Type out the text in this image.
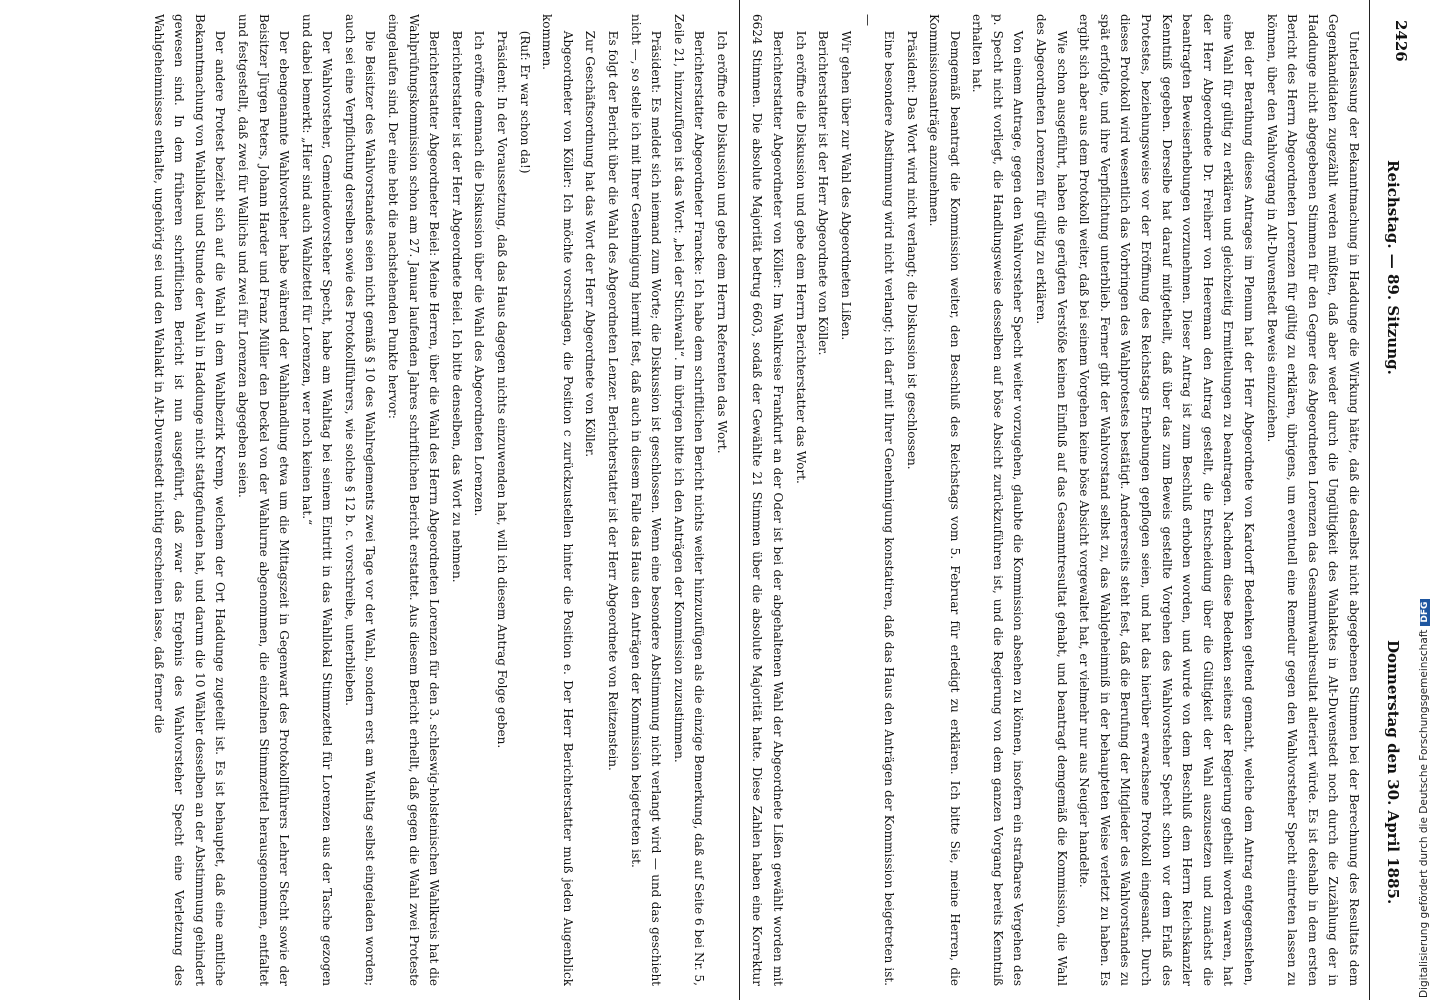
2426
Reichstag. — 89. Sitzung.
Donnerstag den 30. April 1885.

Unterlassung der Bekanntmachung in Haddunge die Wirkung hätte, daß die daselbst nicht abgegebenen Stimmen bei der Berechnung des Resultats dem Gegenkandidaten zugezählt werden müßten, daß aber weder durch die Ungültigkeit des Wahlaktes in Alt-Duvenstedt noch durch die Zuzählung der in Haddunge nicht abgegebenen Stimmen für den Gegner des Abgeordneten Lorenzen das Gesammtwahlresultat alteriert würde. Es ist deshalb in dem ersten Bericht des Herrn Abgeordneten Lorenzen für gültig zu erklären, übrigens, um eventuell eine Remedur gegen den Wahlvorsteher Specht eintreten lassen zu können, über den Wahlvorgang in Alt-Duvenstedt Beweis einzuziehen.

Bei der Berathung dieses Antrages im Plenum hat der Herr Abgeordnete von Kardorff Bedenken geltend gemacht, welche dem Antrag entgegenstehen, eine Wahl für gültig zu erklären und gleichzeitig Ermittelungen zu beantragen. Nachdem diese Bedenken seitens der Regierung getheilt worden waren, hat der Herr Abgeordnete Dr. Freiherr von Heereman den Antrag gestellt, die Entscheidung über die Gültigkeit der Wahl auszusetzen und zunächst die beantragten Beweiserhebungen vorzunehmen. Dieser Antrag ist zum Beschluß erhoben worden, und wurde von dem Beschluß dem Herrn Reichskanzler Kenntniß gegeben. Derselbe hat darauf mitgetheilt, daß über das zum Beweis gestellte Vorgehen des Wahlvorsteher Specht schon vor dem Erlaß des Protestes, beziehungsweise vor der Eröffnung des Reichstags Erhebungen gepflogen seien, und hat das hierüber erwachsene Protokoll eingesandt. Durch dieses Protokoll wird wesentlich das Vorbringen des Wahlprotestes bestätigt. Andererseits steht fest, daß die Berufung der Mitglieder des Wahlvorstandes zu spät erfolgte, und ihre Verpflichtung unterblieb. Ferner gibt der Wahlvorstand selbst zu, das Wahlgeheimniß in der behaupteten Weise verletzt zu haben. Es ergibt sich aber aus dem Protokoll weiter, daß bei seinem Vorgehen keine böse Absicht vorgewaltet hat, er vielmehr nur aus Neugier handelte.

Wie schon ausgeführt, haben die gerügten Verstöße keinen Einfluß auf das Gesammtresultat gehabt, und beantragt demgemäß die Kommission, die Wahl des Abgeordneten Lorenzen für gültig zu erklären.

Von einem Antrage, gegen den Wahlvorsteher Specht weiter vorzugehen, glaubte die Kommission absehen zu können, insofern ein strafbares Vergehen des p. Specht nicht vorliegt, die Handlungsweise desselben auf böse Absicht zurückzuführen ist, und die Regierung von dem ganzen Vorgang bereits Kenntniß erhalten hat.

Demgemäß beantragt die Kommission weiter, den Beschluß des Reichstags vom 5. Februar für erledigt zu erklären. Ich bitte Sie, meine Herren, die Kommissionsanträge anzunehmen.

Präsident: Das Wort wird nicht verlangt; die Diskussion ist geschlossen.

Eine besondere Abstimmung wird nicht verlangt; ich darf mit Ihrer Genehmigung konstatiren, daß das Haus den Anträgen der Kommission beigetreten ist. —

Wir gehen über zur Wahl des Abgeordneten Lißen.

Berichterstatter ist der Herr Abgeordnete von Köller.

Ich eröffne die Diskussion und gebe dem Herrn Berichterstatter das Wort.

Berichterstatter Abgeordneter von Köller: Im Wahlkreise Frankfurt an der Oder ist bei der abgehaltenen Wahl der Abgeordnete Lißen gewählt worden mit 6624 Stimmen. Die absolute Majorität betrug 6603, sodaß der Gewählte 21 Stimmen über die absolute Majorität hatte. Diese Zahlen haben eine Korrektur

Ich eröffne die Diskussion und gebe dem Herrn Referenten das Wort.

Berichterstatter Abgeordneter Francke: Ich habe dem schriftlichen Bericht nichts weiter hinzuzufügen als die einzige Bemerkung, daß auf Seite 6 bei Nr. 5, Zeile 21, hinzuzufügen ist das Wort: „bei der Stichwahl“. Im übrigen bitte ich den Anträgen der Kommission zuzustimmen.

Präsident: Es meldet sich niemand zum Worte; die Diskussion ist geschlossen. Wenn eine besondere Abstimmung nicht verlangt wird — und das geschieht nicht —, so stelle ich mit Ihrer Genehmigung hiermit fest, daß auch in diesem Falle das Haus den Anträgen der Kommission beigetreten ist.

Es folgt der Bericht über die Wahl des Abgeordneten Lenzer. Berichterstatter ist der Herr Abgeordnete von Reitzenstein.

Zur Geschäftsordnung hat das Wort der Herr Abgeordnete von Köller.

Abgeordneter von Köller: Ich möchte vorschlagen, die Position c zurückzustellen hinter die Position e. Der Herr Berichterstatter muß jeden Augenblick kommen.

(Ruf: Er war schon da!)

Präsident: In der Voraussetzung, daß das Haus dagegen nichts einzuwenden hat, will ich diesem Antrag Folge geben.

Ich eröffne demnach die Diskussion über die Wahl des Abgeordneten Lorenzen.

Berichterstatter ist der Herr Abgeordnete Beiel. Ich bitte denselben, das Wort zu nehmen.

Berichterstatter Abgeordneter Beiel: Meine Herren, über die Wahl des Herrn Abgeordneten Lorenzen für den 3. schleswig-holsteinischen Wahlkreis hat die Wahlprüfungskommission schon am 27. Januar laufenden Jahres schriftlichen Bericht erstattet. Aus diesem Bericht erhellt, daß gegen die Wahl zwei Proteste eingelaufen sind. Der eine hebt die nachstehenden Punkte hervor:

Die Beisitzer des Wahlvorstandes seien nicht gemäß § 10 des Wahlreglements zwei Tage vor der Wahl, sondern erst am Wahltag selbst eingeladen worden; auch sei eine Verpflichtung derselben sowie des Protokollführers, wie solche § 12 b. c. vorschreibe, unterblieben.

Der Wahlvorsteher, Gemeindevorsteher Specht, habe am Wahltag bei seinem Eintritt in das Wahllokal Stimmzettel für Lorenzen aus der Tasche gezogen und dabei bemerkt: „Hier sind auch Wahlzettel für Lorenzen, wer noch keinen hat.“

Der ebengenannte Wahlvorsteher habe während der Wahlhandlung etwa um die Mittagszeit in Gegenwart des Protokollführers Lehrer Stecht sowie der Beisitzer Jürgen Peters, Johann Harder und Franz Müller den Deckel von der Wahlurne abgenommen, die einzelnen Stimmzettel herausgenommen, entfaltet und festgestellt, daß zwei für Wallichs und zwei für Lorenzen abgegeben seien.

Der andere Protest bezieht sich auf die Wahl in dem Wahlbezirk Kremp, welchem der Ort Haddunge zugeteilt ist. Es ist behauptet, daß eine amtliche Bekanntmachung von Wahllokal und Stunde der Wahl in Haddunge nicht stattgefunden hat, und darum die 10 Wähler desselben an der Abstimmung gehindert gewesen sind. In dem früheren schriftlichen Bericht ist nun ausgeführt, daß zwar das Ergebnis des Wahlvorsteher Specht eine Verletzung des Wahlgeheimnisses enthalte, ungehörig sei und den Wahlakt in Alt-Duvenstedt nichtig erscheinen lasse, daß ferner die

Digitalisierung gefördert durch die Deutsche ForschungsgemeinschaftDFG
